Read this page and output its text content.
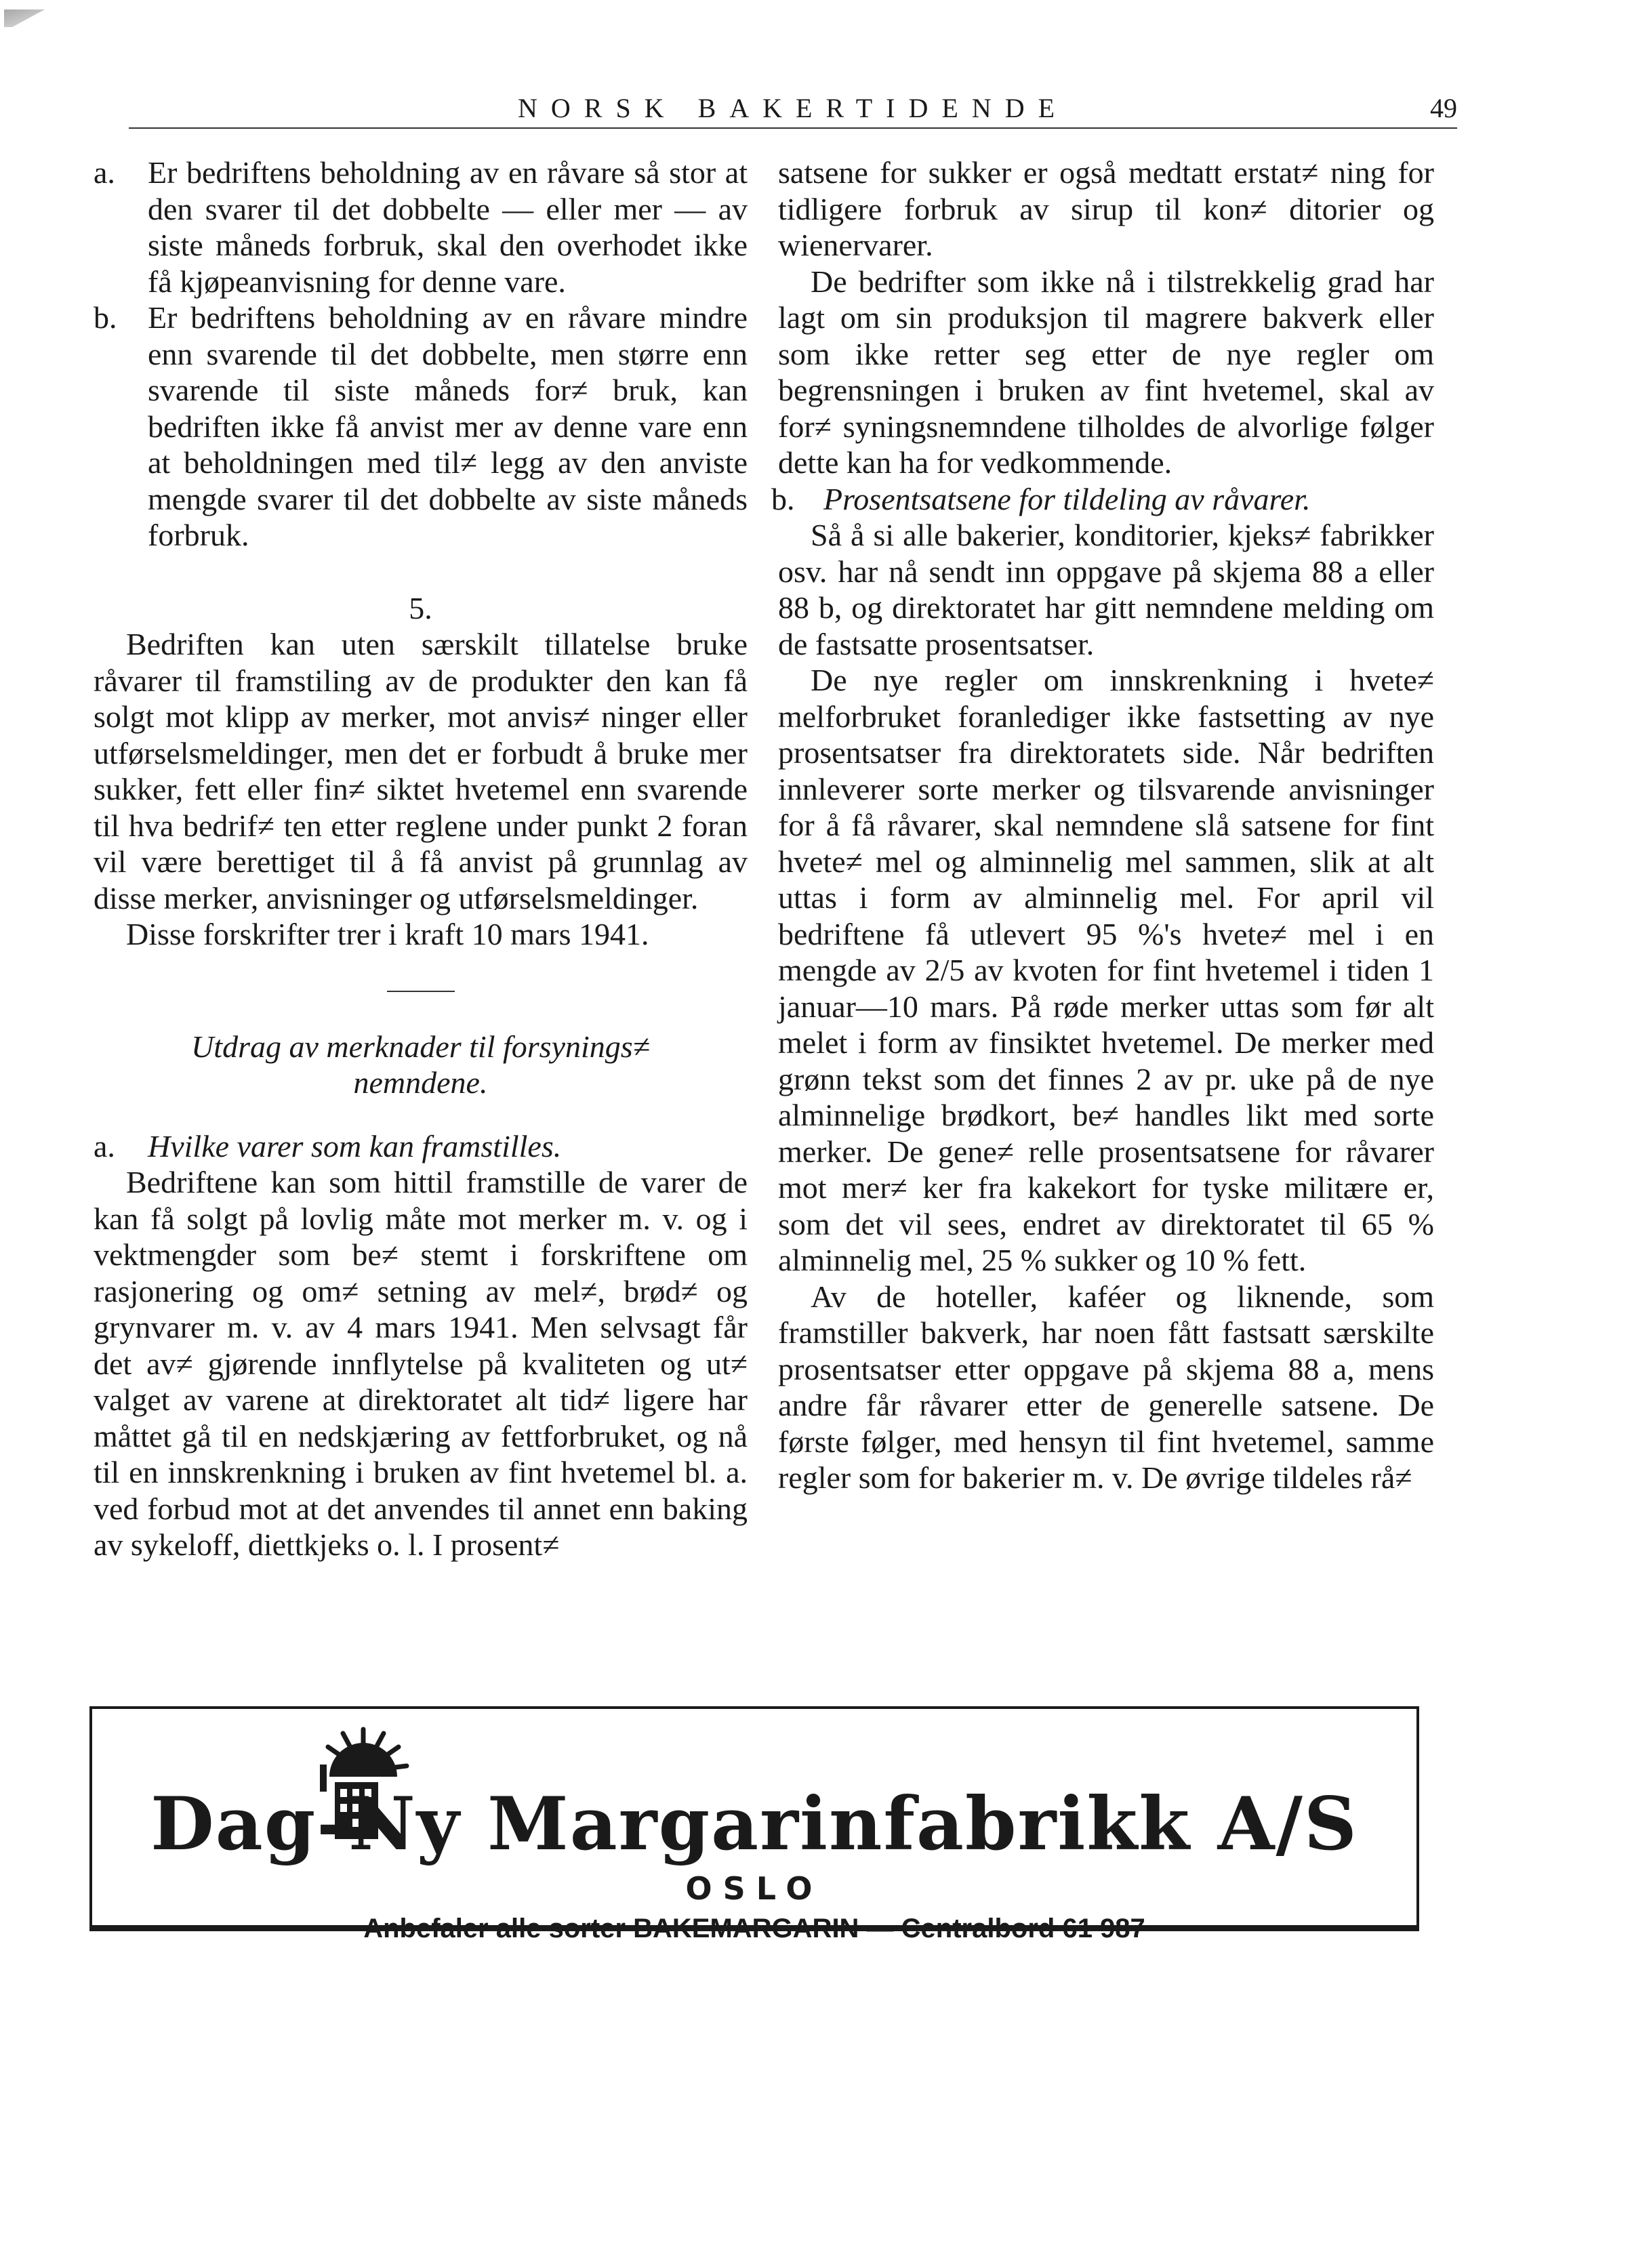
NORSK BAKERTIDENDE	49
a. Er bedriftens beholdning av en råvare så stor at den svarer til det dobbelte — eller mer — av siste måneds forbruk, skal den overhodet ikke få kjøpeanvisning for denne vare.
b. Er bedriftens beholdning av en råvare mindre enn svarende til det dobbelte, men større enn svarende til siste måneds for≠ bruk, kan bedriften ikke få anvist mer av denne vare enn at beholdningen med til≠ legg av den anviste mengde svarer til det dobbelte av siste måneds forbruk.
5.

Bedriften kan uten særskilt tillatelse bruke råvarer til framstiling av de produkter den kan få solgt mot klipp av merker, mot anvis≠ ninger eller utførselsmeldinger, men det er forbudt å bruke mer sukker, fett eller fin≠ siktet hvetemel enn svarende til hva bedrif≠ ten etter reglene under punkt 2 foran vil være berettiget til å få anvist på grunnlag av disse merker, anvisninger og utførselsmeldinger.

Disse forskrifter trer i kraft 10 mars 1941.

Utdrag av merknader til forsynings≠ nemndene.
a. Hvilke varer som kan framstilles.

Bedriftene kan som hittil framstille de varer de kan få solgt på lovlig måte mot merker m. v. og i vektmengder som be≠ stemt i forskriftene om rasjonering og om≠ setning av mel≠, brød≠ og grynvarer m. v. av 4 mars 1941. Men selvsagt får det av≠ gjørende innflytelse på kvaliteten og ut≠ valget av varene at direktoratet alt tid≠ ligere har måttet gå til en nedskjæring av fettforbruket, og nå til en innskrenkning i bruken av fint hvetemel bl. a. ved forbud mot at det anvendes til annet enn baking av sykeloff, diettkjeks o. l. I prosent≠

satsene for sukker er også medtatt erstat≠ ning for tidligere forbruk av sirup til kon≠ ditorier og wienervarer.

De bedrifter som ikke nå i tilstrekkelig grad har lagt om sin produksjon til magrere bakverk eller som ikke retter seg etter de nye regler om begrensningen i bruken av fint hvetemel, skal av for≠ syningsnemndene tilholdes de alvorlige følger dette kan ha for vedkommende.

b. Prosentsatsene for tildeling av råvarer.

Så å si alle bakerier, konditorier, kjeks≠ fabrikker osv. har nå sendt inn oppgave på skjema 88 a eller 88 b, og direktoratet har gitt nemndene melding om de fastsatte prosentsatser.

De nye regler om innskrenkning i hvete≠ melforbruket foranlediger ikke fastsetting av nye prosentsatser fra direktoratets side. Når bedriften innleverer sorte merker og tilsvarende anvisninger for å få råvarer, skal nemndene slå satsene for fint hvete≠ mel og alminnelig mel sammen, slik at alt uttas i form av alminnelig mel. For april vil bedriftene få utlevert 95 %'s hvete≠ mel i en mengde av 2/5 av kvoten for fint hvetemel i tiden 1 januar—10 mars. På røde merker uttas som før alt melet i form av finsiktet hvetemel. De merker med grønn tekst som det finnes 2 av pr. uke på de nye alminnelige brødkort, be≠ handles likt med sorte merker. De gene≠ relle prosentsatsene for råvarer mot mer≠ ker fra kakekort for tyske militære er, som det vil sees, endret av direktoratet til 65 % alminnelig mel, 25 % sukker og 10 % fett.

Av de hoteller, kaféer og liknende, som framstiller bakverk, har noen fått fastsatt særskilte prosentsatser etter oppgave på skjema 88 a, mens andre får råvarer etter de generelle satsene. De første følger, med hensyn til fint hvetemel, samme regler som for bakerier m. v. De øvrige tildeles rå≠

Dag-Ny Margarinfabrikk A/S
OSLO
Anbefaler alle sorter BAKEMARGARIN — Centralbord 61 987
